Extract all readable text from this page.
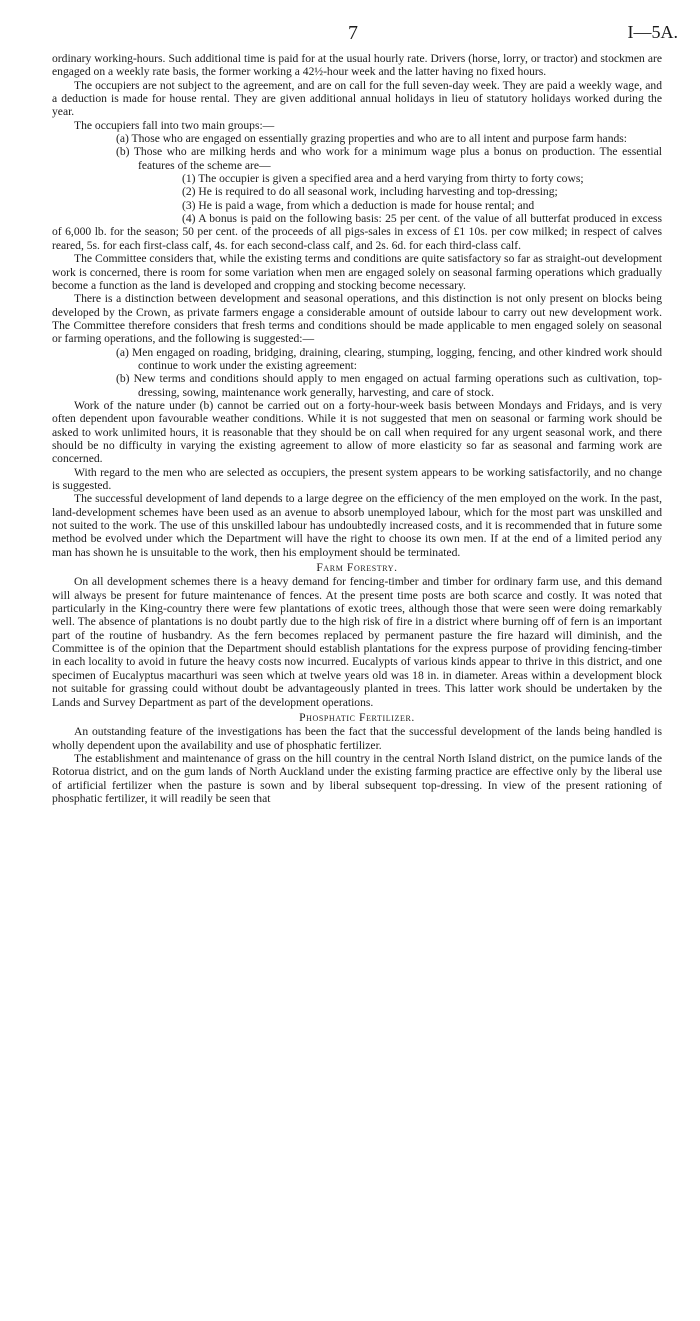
7	I—5A.

ordinary working-hours. Such additional time is paid for at the usual hourly rate. Drivers (horse, lorry, or tractor) and stockmen are engaged on a weekly rate basis, the former working a 42½-hour week and the latter having no fixed hours.

The occupiers are not subject to the agreement, and are on call for the full seven-day week. They are paid a weekly wage, and a deduction is made for house rental. They are given additional annual holidays in lieu of statutory holidays worked during the year.

The occupiers fall into two main groups:—

(a) Those who are engaged on essentially grazing properties and who are to all intent and purpose farm hands:

(b) Those who are milking herds and who work for a minimum wage plus a bonus on production. The essential features of the scheme are—

(1) The occupier is given a specified area and a herd varying from thirty to forty cows;

(2) He is required to do all seasonal work, including harvesting and top-dressing;

(3) He is paid a wage, from which a deduction is made for house rental; and

(4) A bonus is paid on the following basis: 25 per cent. of the value of all butterfat produced in excess of 6,000 lb. for the season; 50 per cent. of the proceeds of all pigs-sales in excess of £1 10s. per cow milked; in respect of calves reared, 5s. for each first-class calf, 4s. for each second-class calf, and 2s. 6d. for each third-class calf.

The Committee considers that, while the existing terms and conditions are quite satisfactory so far as straight-out development work is concerned, there is room for some variation when men are engaged solely on seasonal farming operations which gradually become a function as the land is developed and cropping and stocking become necessary.

There is a distinction between development and seasonal operations, and this distinction is not only present on blocks being developed by the Crown, as private farmers engage a considerable amount of outside labour to carry out new development work. The Committee therefore considers that fresh terms and conditions should be made applicable to men engaged solely on seasonal or farming operations, and the following is suggested:—

(a) Men engaged on roading, bridging, draining, clearing, stumping, logging, fencing, and other kindred work should continue to work under the existing agreement:

(b) New terms and conditions should apply to men engaged on actual farming operations such as cultivation, top-dressing, sowing, maintenance work generally, harvesting, and care of stock.

Work of the nature under (b) cannot be carried out on a forty-hour-week basis between Mondays and Fridays, and is very often dependent upon favourable weather conditions. While it is not suggested that men on seasonal or farming work should be asked to work unlimited hours, it is reasonable that they should be on call when required for any urgent seasonal work, and there should be no difficulty in varying the existing agreement to allow of more elasticity so far as seasonal and farming work are concerned.

With regard to the men who are selected as occupiers, the present system appears to be working satisfactorily, and no change is suggested.

The successful development of land depends to a large degree on the efficiency of the men employed on the work. In the past, land-development schemes have been used as an avenue to absorb unemployed labour, which for the most part was unskilled and not suited to the work. The use of this unskilled labour has undoubtedly increased costs, and it is recommended that in future some method be evolved under which the Department will have the right to choose its own men. If at the end of a limited period any man has shown he is unsuitable to the work, then his employment should be terminated.

Farm Forestry.

On all development schemes there is a heavy demand for fencing-timber and timber for ordinary farm use, and this demand will always be present for future maintenance of fences. At the present time posts are both scarce and costly. It was noted that particularly in the King-country there were few plantations of exotic trees, although those that were seen were doing remarkably well. The absence of plantations is no doubt partly due to the high risk of fire in a district where burning off of fern is an important part of the routine of husbandry. As the fern becomes replaced by permanent pasture the fire hazard will diminish, and the Committee is of the opinion that the Department should establish plantations for the express purpose of providing fencing-timber in each locality to avoid in future the heavy costs now incurred. Eucalypts of various kinds appear to thrive in this district, and one specimen of Eucalyptus macarthuri was seen which at twelve years old was 18 in. in diameter. Areas within a development block not suitable for grassing could without doubt be advantageously planted in trees. This latter work should be undertaken by the Lands and Survey Department as part of the development operations.

Phosphatic Fertilizer.

An outstanding feature of the investigations has been the fact that the successful development of the lands being handled is wholly dependent upon the availability and use of phosphatic fertilizer.

The establishment and maintenance of grass on the hill country in the central North Island district, on the pumice lands of the Rotorua district, and on the gum lands of North Auckland under the existing farming practice are effective only by the liberal use of artificial fertilizer when the pasture is sown and by liberal subsequent top-dressing. In view of the present rationing of phosphatic fertilizer, it will readily be seen that
